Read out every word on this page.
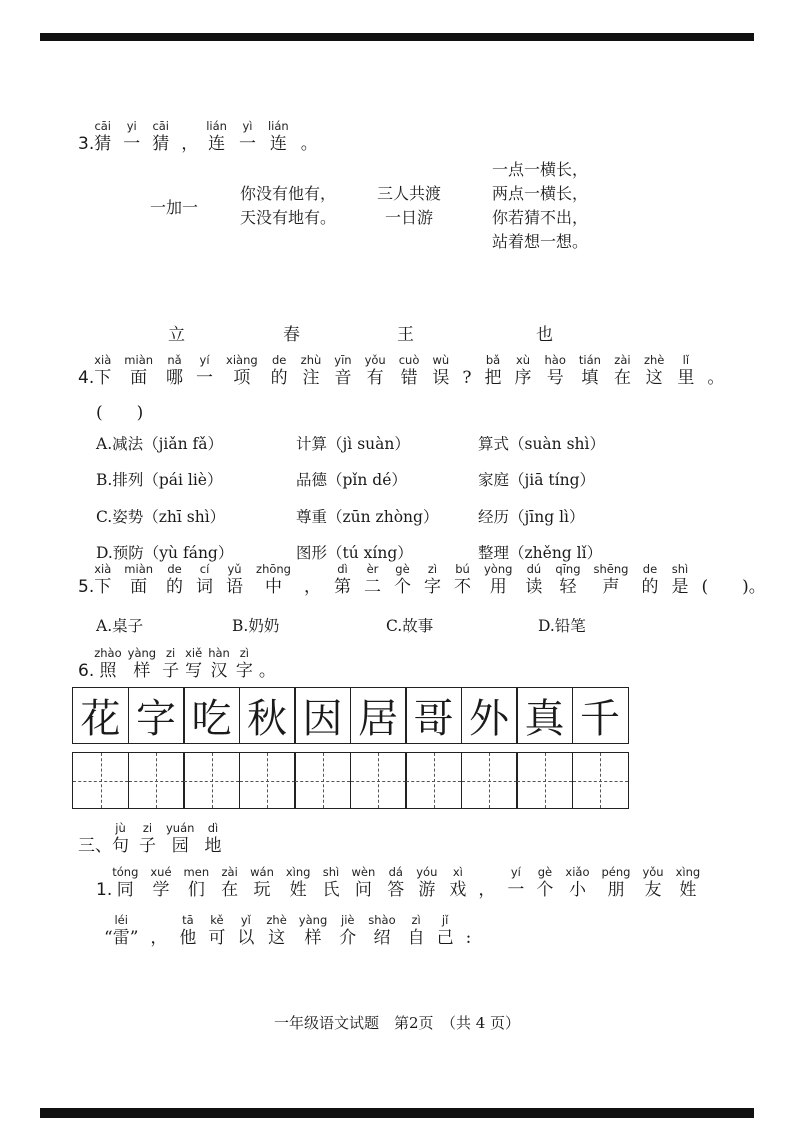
3.
cāi
猜
yi
一
cāi
猜
，
lián
连
yì
一
lián
连
。
一加一
你没有他有，
天没有地有。
三人共渡
一日游
一点一横长，
两点一横长，
你若猜不出，
站着想一想。
立	春	王	也
4.
xià
下
miàn
面
nǎ
哪
yí
一
xiàng
项
de
的
zhù
注
yīn
音
yǒu
有
cuò
错
wù
误
?
bǎ
把
xù
序
hào
号
tián
填
zài
在
zhè
这
lǐ
里
。
(　　)
A.减法（jiǎn fǎ）	计算（jì suàn）	算式（suàn shì）
B.排列（pái liè）	品德（pǐn dé）	家庭（jiā tíng）
C.姿势（zhī shì）	尊重（zūn zhòng）	经历（jīng lì）
D.预防（yù fáng）	图形（tú xíng）	整理（zhěng lǐ）
5.
xià
下
miàn
面
de
的
cí
词
yǔ
语
zhōng
中
，
dì
第
èr
二
gè
个
zì
字
bú
不
yòng
用
dú
读
qīng
轻
shēng
声
de
的
shì
是 (　　)。
A.桌子	B.奶奶	C.故事	D.铅笔
6.
zhào
照
yàng
样
zi
子
xiě
写
hàn
汉
zì
字
。
花 字 吃 秋 因 居 哥 外 真 千
三、
jù
句
zi
子
yuán
园
dì
地
1.
tóng
同
xué
学
men
们
zài
在
wán
玩
xìng
姓
shì
氏
wèn
问
dá
答
yóu
游
xì
戏
，
yí
一
gè
个
xiǎo
小
péng
朋
yǒu
友
xìng
姓
léi
“雷”
，
tā
他
kě
可
yǐ
以
zhè
这
yàng
样
jiè
介
shào
绍
zì
自
jǐ
己
:
一年级语文试题　第2页　（共 4 页）
